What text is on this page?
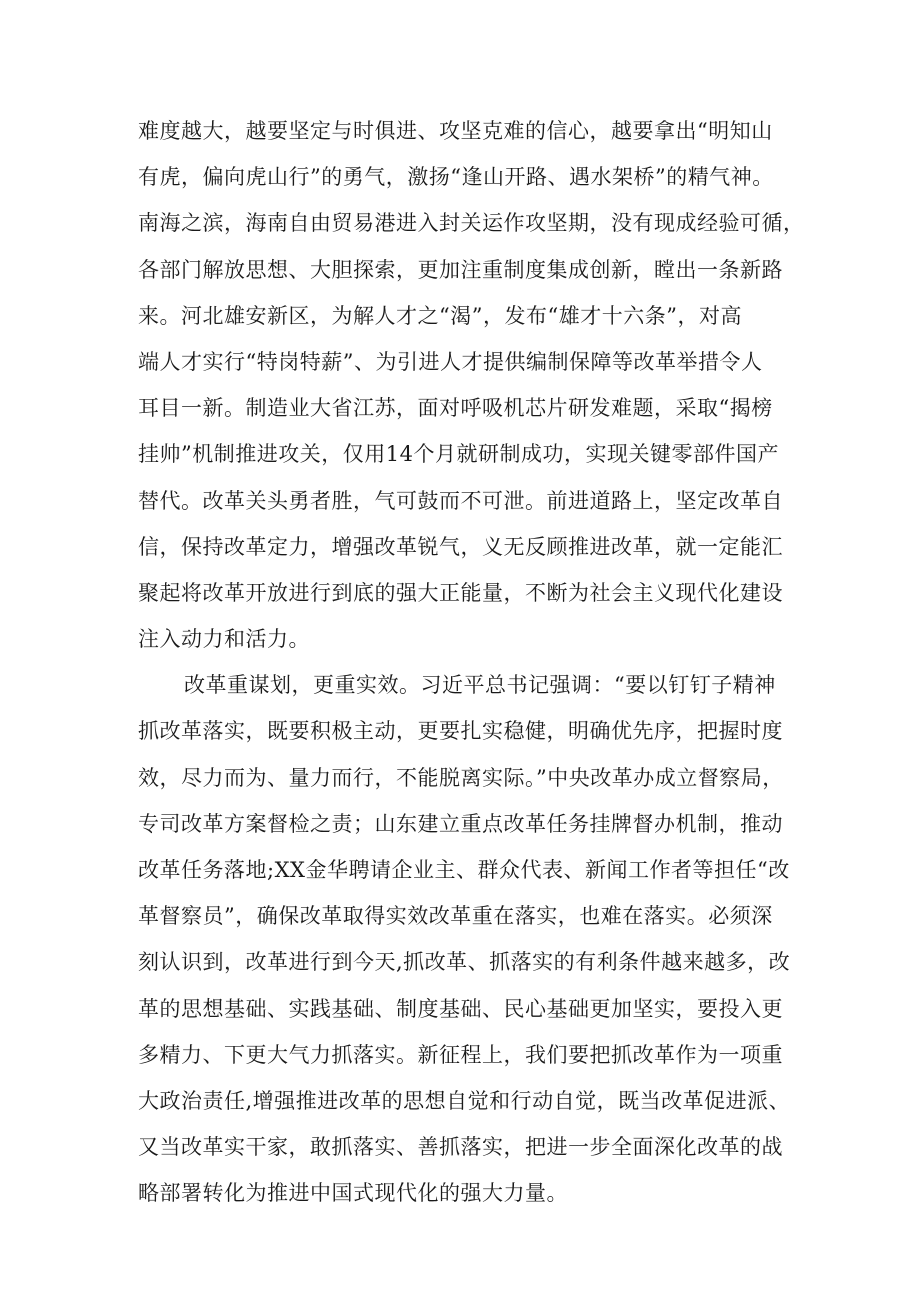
难度越大，越要坚定与时俱进、攻坚克难的信心，越要拿出“明知山
有虎，偏向虎山行”的勇气，激扬“逢山开路、遇水架桥”的精气神。
南海之滨，海南自由贸易港进入封关运作攻坚期，没有现成经验可循，
各部门解放思想、大胆探索，更加注重制度集成创新，瞠出一条新路
来。河北雄安新区，为解人才之“渴”，发布“雄才十六条”，对高
端人才实行“特岗特薪”、为引进人才提供编制保障等改革举措令人
耳目一新。制造业大省江苏，面对呼吸机芯片研发难题，采取“揭榜
挂帅”机制推进攻关，仅用14个月就研制成功，实现关键零部件国产
替代。改革关头勇者胜，气可鼓而不可泄。前进道路上，坚定改革自
信，保持改革定力，增强改革锐气，义无反顾推进改革，就一定能汇
聚起将改革开放进行到底的强大正能量，不断为社会主义现代化建设
注入动力和活力。
改革重谋划，更重实效。习近平总书记强调：“要以钉钉子精神
抓改革落实，既要积极主动，更要扎实稳健，明确优先序，把握时度
效，尽力而为、量力而行，不能脱离实际。”中央改革办成立督察局，
专司改革方案督检之责；山东建立重点改革任务挂牌督办机制，推动
改革任务落地;XX金华聘请企业主、群众代表、新闻工作者等担任“改
革督察员”，确保改革取得实效改革重在落实，也难在落实。必须深
刻认识到，改革进行到今天,抓改革、抓落实的有利条件越来越多，改
革的思想基础、实践基础、制度基础、民心基础更加坚实，要投入更
多精力、下更大气力抓落实。新征程上，我们要把抓改革作为一项重
大政治责任,增强推进改革的思想自觉和行动自觉，既当改革促进派、
又当改革实干家，敢抓落实、善抓落实，把进一步全面深化改革的战
略部署转化为推进中国式现代化的强大力量。
